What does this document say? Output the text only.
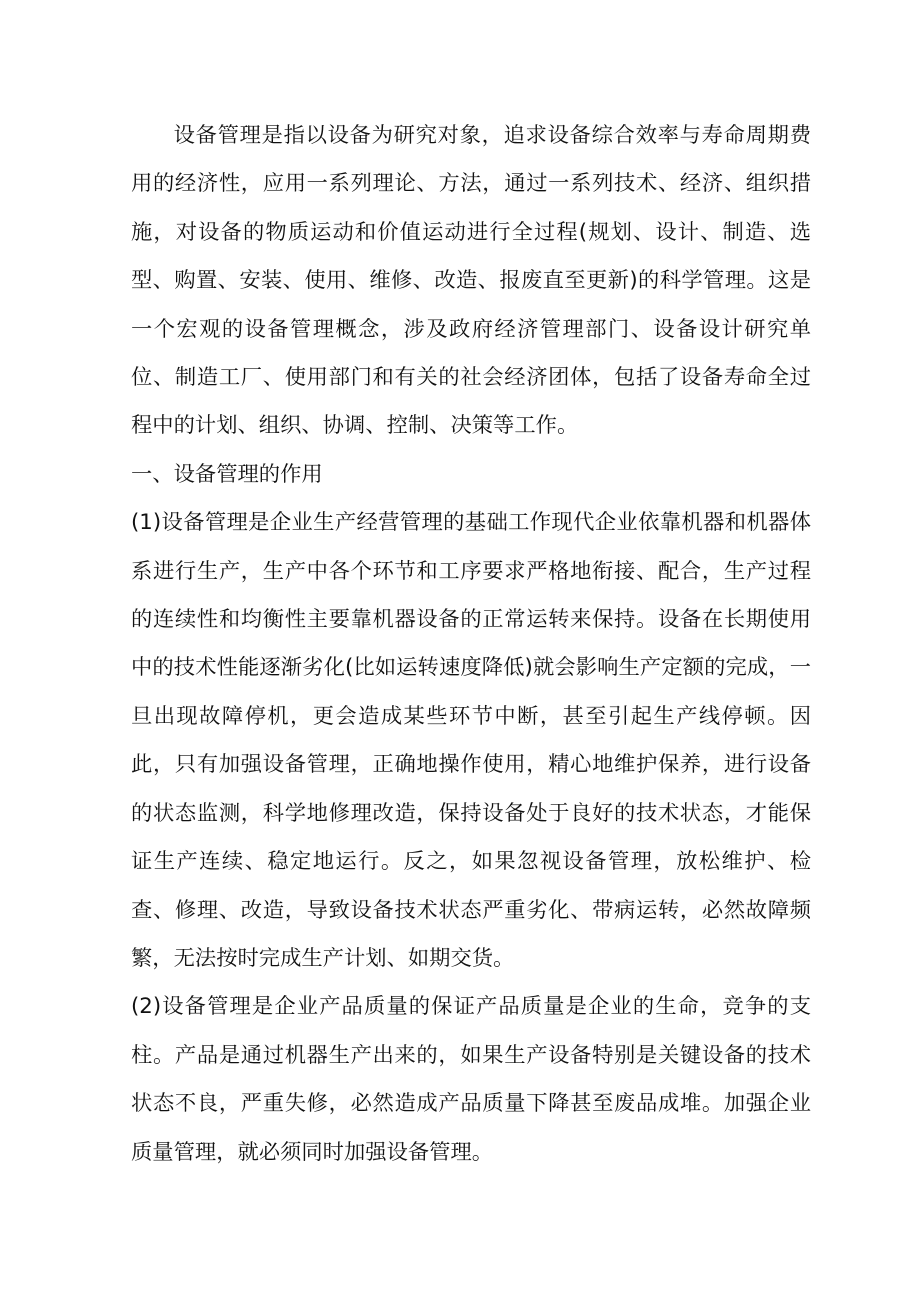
设备管理是指以设备为研究对象，追求设备综合效率与寿命周期费用的经济性，应用一系列理论、方法，通过一系列技术、经济、组织措施，对设备的物质运动和价值运动进行全过程(规划、设计、制造、选型、购置、安装、使用、维修、改造、报废直至更新)的科学管理。这是一个宏观的设备管理概念，涉及政府经济管理部门、设备设计研究单位、制造工厂、使用部门和有关的社会经济团体，包括了设备寿命全过程中的计划、组织、协调、控制、决策等工作。

一、设备管理的作用

(1)设备管理是企业生产经营管理的基础工作现代企业依靠机器和机器体系进行生产，生产中各个环节和工序要求严格地衔接、配合，生产过程的连续性和均衡性主要靠机器设备的正常运转来保持。设备在长期使用中的技术性能逐渐劣化(比如运转速度降低)就会影响生产定额的完成，一旦出现故障停机，更会造成某些环节中断，甚至引起生产线停顿。因此，只有加强设备管理，正确地操作使用，精心地维护保养，进行设备的状态监测，科学地修理改造，保持设备处于良好的技术状态，才能保证生产连续、稳定地运行。反之，如果忽视设备管理，放松维护、检查、修理、改造，导致设备技术状态严重劣化、带病运转，必然故障频繁，无法按时完成生产计划、如期交货。

(2)设备管理是企业产品质量的保证产品质量是企业的生命，竞争的支柱。产品是通过机器生产出来的，如果生产设备特别是关键设备的技术状态不良，严重失修，必然造成产品质量下降甚至废品成堆。加强企业质量管理，就必须同时加强设备管理。
